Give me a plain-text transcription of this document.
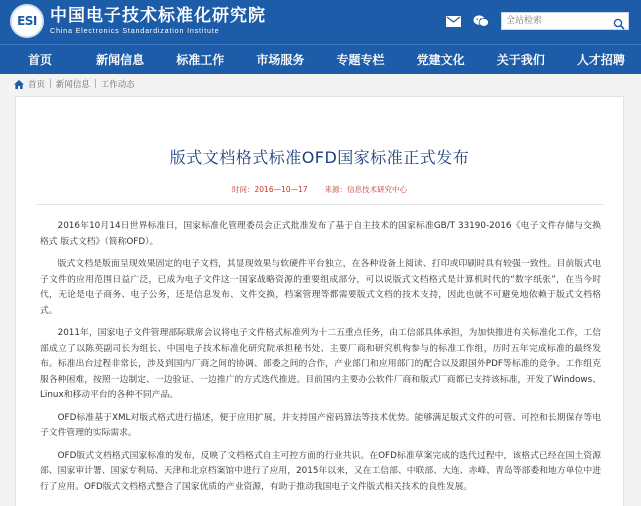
ESI 中国电子技术标准化研究院
China Electronics Standardization Institute
全站检索
首页	新闻信息	标准工作	市场服务	专题专栏	党建文化	关于我们	人才招聘
首页 | 新闻信息 | 工作动态
版式文档格式标准OFD国家标准正式发布
时间：2016—10—17 来源：信息技术研究中心

2016年10月14日世界标准日，国家标准化管理委员会正式批准发布了基于自主技术的国家标准GB/T 33190-2016《电子文件存储与交换格式 版式文档》（简称OFD）。

版式文档是版面呈现效果固定的电子文档，其显现效果与软硬件平台独立，在各种设备上阅读、打印或印刷时具有较强一致性。目前版式电子文件的应用范围日益广泛，已成为电子文件这一国家战略资源的重要组成部分，可以说版式文档格式是计算机时代的“数字纸张”，在当今时代，无论是电子商务、电子公务，还是信息发布、文件交换，档案管理等都需要版式文档的技术支持，因此也就不可避免地依赖于版式文档格式。

2011年，国家电子文件管理部际联席会议将电子文件格式标准列为十二五重点任务，由工信部具体承担，为加快推进有关标准化工作，工信部成立了以陈英副司长为组长、中国电子技术标准化研究院承担秘书处、主要厂商和研究机构参与的标准工作组，历时五年完成标准的最终发布。标准出台过程非常长，涉及到国内厂商之间的协调、部委之间的合作，产业部门和应用部门的配合以及跟国外PDF等标准的竞争。工作组克服各种困难，按照一边制定、一边验证、一边推广的方式迭代推进。目前国内主要办公软件厂商和版式厂商都已支持该标准，开发了Windows、Linux和移动平台的各种不同产品。

OFD标准基于XML对版式格式进行描述，便于应用扩展，并支持国产密码算法等技术优势。能够满足版式文件的可管、可控和长期保存等电子文件管理的实际需求。

OFD版式文档格式国家标准的发布，反映了文档格式自主可控方面的行业共识。在OFD标准草案完成的迭代过程中，该格式已经在国土资源部、国家审计署、国家专利局、天津和北京档案馆中进行了应用，2015年以来，又在工信部、中联部、大连、赤峰、青岛等部委和地方单位中进行了应用。OFD版式文档格式整合了国家优质的产业资源，有助于推动我国电子文件版式相关技术的良性发展。
